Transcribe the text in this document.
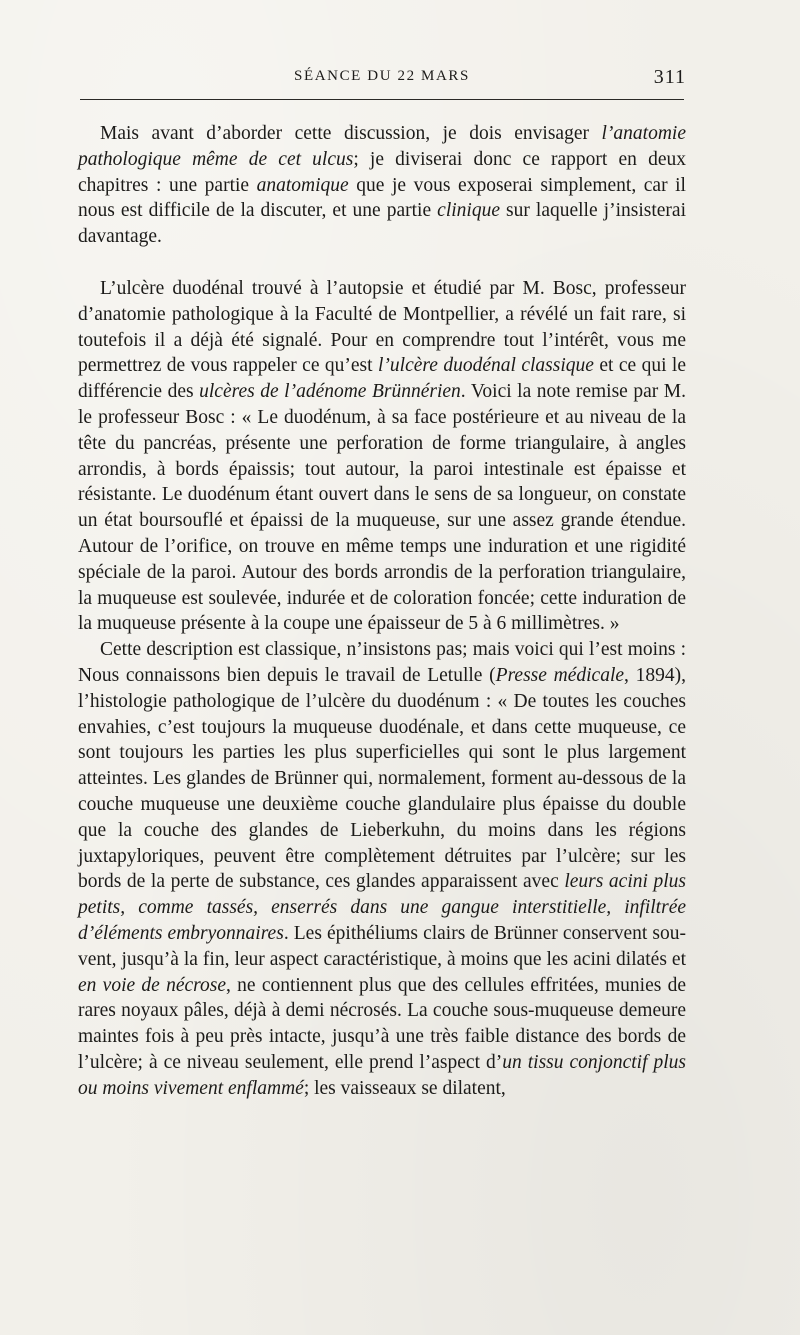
SÉANCE DU 22 MARS	311

Mais avant d’aborder cette discussion, je dois envisager l’anatomie pathologique même de cet ulcus; je diviserai donc ce rapport en deux chapitres : une partie anatomique que je vous exposerai simplement, car il nous est difficile de la discuter, et une partie clinique sur laquelle j’insisterai davantage.

L’ulcère duodénal trouvé à l’autopsie et étudié par M. Bosc, professeur d’anatomie pathologique à la Faculté de Montpellier, a révélé un fait rare, si toutefois il a déjà été signalé. Pour en comprendre tout l’intérêt, vous me permettrez de vous rappeler ce qu’est l’ulcère duodénal classique et ce qui le différencie des ulcères de l’adénome Brünnérien. Voici la note remise par M. le professeur Bosc : « Le duodénum, à sa face postérieure et au niveau de la tête du pancréas, présente une perforation de forme triangulaire, à angles arrondis, à bords épaissis; tout autour, la paroi intestinale est épaisse et résistante. Le duodénum étant ouvert dans le sens de sa longueur, on constate un état boursouflé et épaissi de la muqueuse, sur une assez grande étendue. Autour de l’orifice, on trouve en même temps une induration et une rigidité spéciale de la paroi. Autour des bords arrondis de la perforation triangulaire, la muqueuse est soulevée, indurée et de coloration foncée; cette induration de la muqueuse présente à la coupe une épaisseur de 5 à 6 millimètres. »

Cette description est classique, n’insistons pas; mais voici qui l’est moins : Nous connaissons bien depuis le travail de Letulle (Presse médicale, 1894), l’histologie pathologique de l’ulcère du duodénum : « De toutes les couches envahies, c’est toujours la muqueuse duodénale, et dans cette muqueuse, ce sont toujours les parties les plus superficielles qui sont le plus largement atteintes. Les glandes de Brünner qui, normalement, forment au-dessous de la couche muqueuse une deuxième couche glandulaire plus épaisse du double que la couche des glandes de Lieberkuhn, du moins dans les régions juxtapyloriques, peuvent être complètement détruites par l’ulcère; sur les bords de la perte de substance, ces glandes apparaissent avec leurs acini plus petits, comme tassés, enserrés dans une gangue interstitielle, infiltrée d’éléments embryonnaires. Les épithéliums clairs de Brünner conservent souvent, jusqu’à la fin, leur aspect caractéristique, à moins que les acini dilatés et en voie de nécrose, ne contiennent plus que des cellules effritées, munies de rares noyaux pâles, déjà à demi nécrosés. La couche sous-muqueuse demeure maintes fois à peu près intacte, jusqu’à une très faible distance des bords de l’ulcère; à ce niveau seulement, elle prend l’aspect d’un tissu conjonctif plus ou moins vivement enflammé; les vaisseaux se dilatent,
